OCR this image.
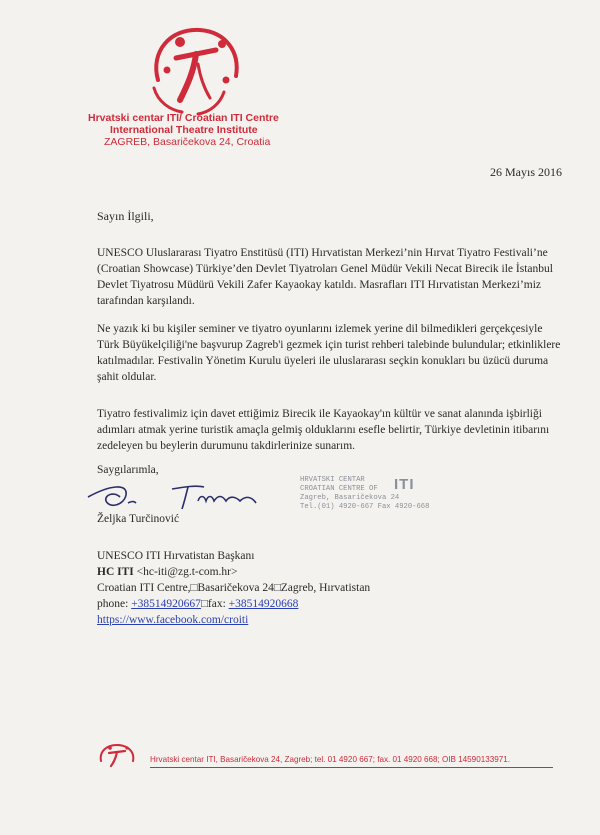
Hrvatski centar ITI/ Croatian ITI Centre
International Theatre Institute
ZAGREB, Basaričekova 24, Croatia
26 Mayıs 2016
Sayın İlgili,

UNESCO Uluslararası Tiyatro Enstitüsü (ITI) Hırvatistan Merkezi’nin Hırvat Tiyatro Festivali’ne (Croatian Showcase) Türkiye’den Devlet Tiyatroları Genel Müdür Vekili Necat Birecik ile İstanbul Devlet Tiyatrosu Müdürü Vekili Zafer Kayaokay katıldı. Masrafları ITI Hırvatistan Merkezi’miz tarafından karşılandı.

Ne yazık ki bu kişiler seminer ve tiyatro oyunlarını izlemek yerine dil bilmedikleri gerçekçesiyle Türk Büyükelçiliği'ne başvurup Zagreb'i gezmek için turist rehberi talebinde bulundular; etkinliklere katılmadılar. Festivalin Yönetim Kurulu üyeleri ile uluslararası seçkin konukları bu üzücü duruma şahit oldular.

Tiyatro festivalimiz için davet ettiğimiz Birecik ile Kayaokay'ın kültür ve sanat alanında işbirliği adımları atmak yerine turistik amaçla gelmiş olduklarını esefle belirtir, Türkiye devletinin itibarını zedeleyen bu beylerin durumunu takdirlerinize sunarım.

Saygılarımla,
Željka Turčinović
HRVATSKI CENTAR
CROATIAN CENTRE OF	ITI
Zagreb, Basaričekova 24
Tel.(01) 4920-667 Fax 4920-668
UNESCO ITI Hırvatistan Başkanı
HC ITI <hc-iti@zg.t-com.hr>
Croatian ITI Centre,□Basaričekova 24□Zagreb, Hırvatistan
phone: +38514920667□fax: +38514920668
https://www.facebook.com/croiti
Hrvatski centar ITI, Basaričekova 24, Zagreb; tel. 01 4920 667; fax. 01 4920 668; OIB 14590133971.
